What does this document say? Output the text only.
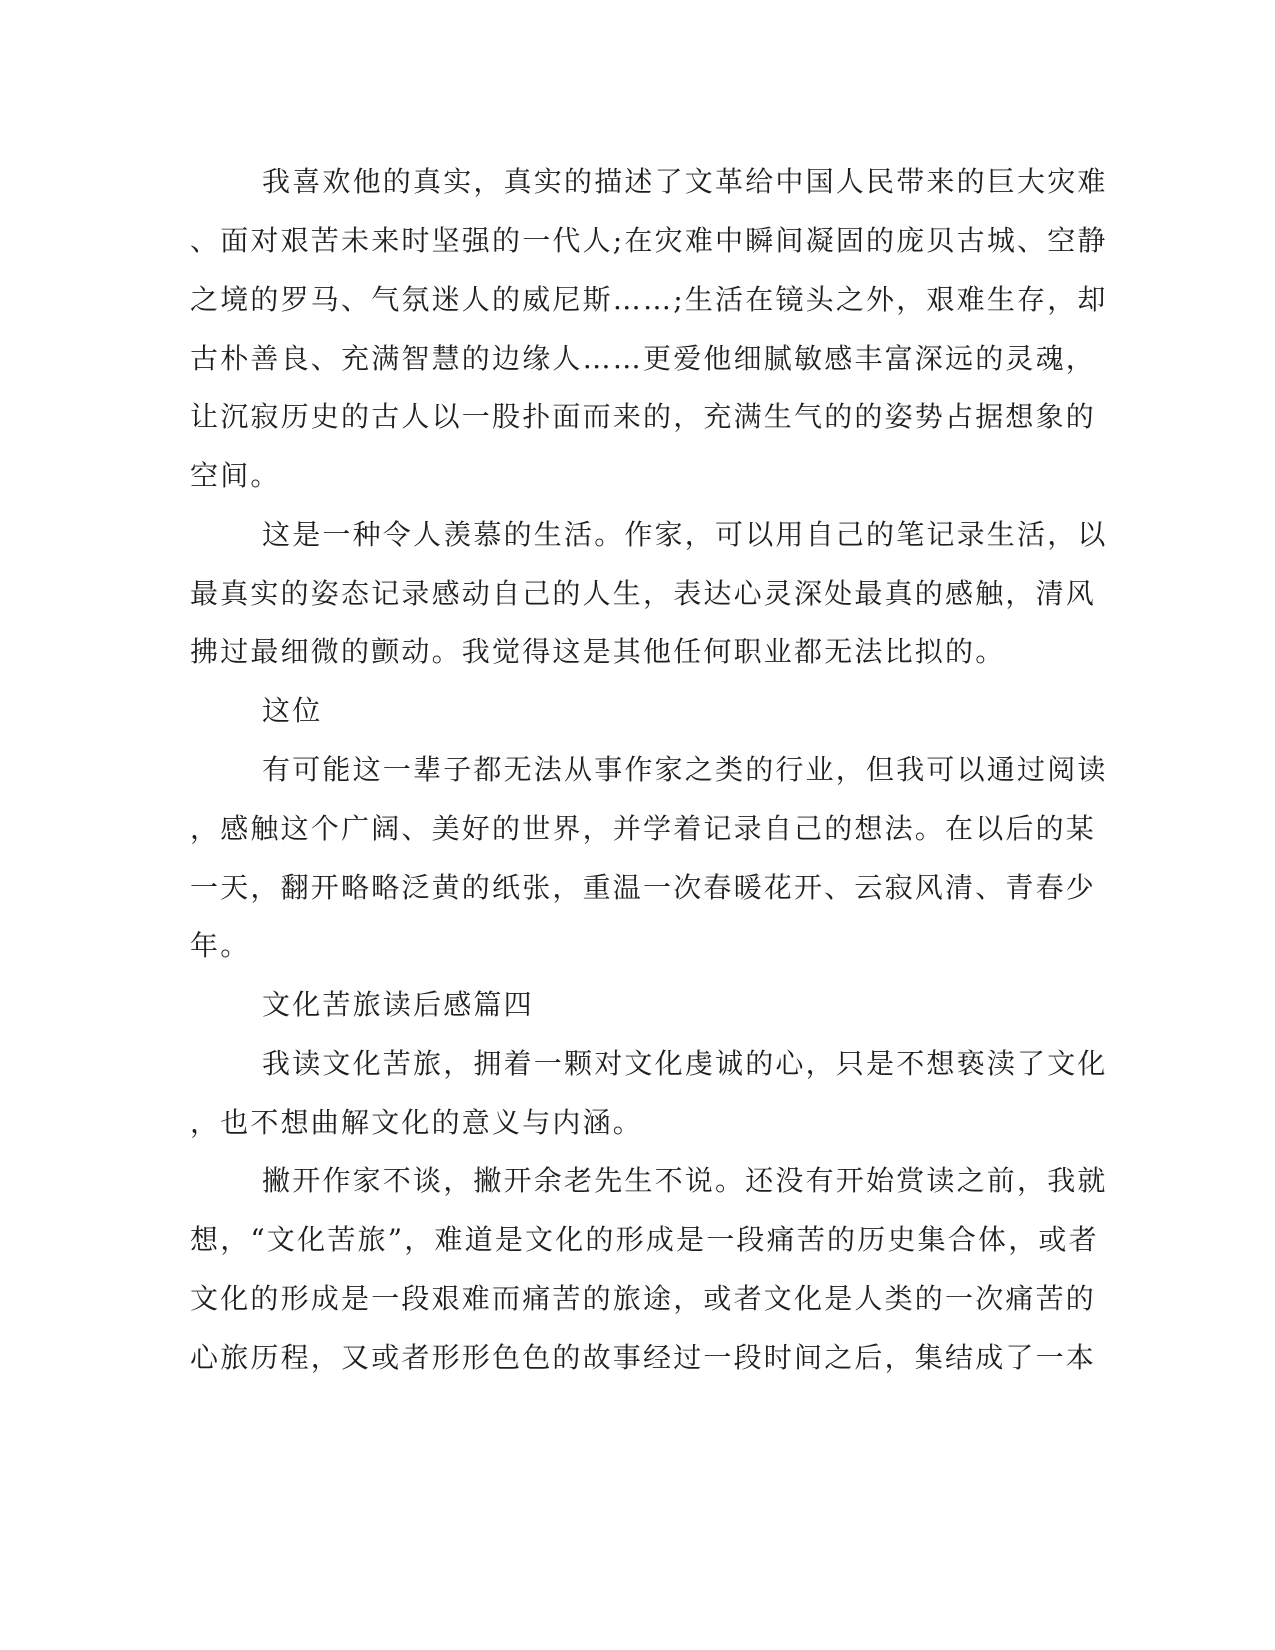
我喜欢他的真实，真实的描述了文革给中国人民带来的巨大灾难
、面对艰苦未来时坚强的一代人;在灾难中瞬间凝固的庞贝古城、空静
之境的罗马、气氛迷人的威尼斯……;生活在镜头之外，艰难生存，却
古朴善良、充满智慧的边缘人……更爱他细腻敏感丰富深远的灵魂，
让沉寂历史的古人以一股扑面而来的，充满生气的的姿势占据想象的
空间。
这是一种令人羡慕的生活。作家，可以用自己的笔记录生活，以
最真实的姿态记录感动自己的人生，表达心灵深处最真的感触，清风
拂过最细微的颤动。我觉得这是其他任何职业都无法比拟的。
这位
有可能这一辈子都无法从事作家之类的行业，但我可以通过阅读
，感触这个广阔、美好的世界，并学着记录自己的想法。在以后的某
一天，翻开略略泛黄的纸张，重温一次春暖花开、云寂风清、青春少
年。
文化苦旅读后感篇四
我读文化苦旅，拥着一颗对文化虔诚的心，只是不想亵渎了文化
，也不想曲解文化的意义与内涵。
撇开作家不谈，撇开余老先生不说。还没有开始赏读之前，我就
想，“文化苦旅”，难道是文化的形成是一段痛苦的历史集合体，或者
文化的形成是一段艰难而痛苦的旅途，或者文化是人类的一次痛苦的
心旅历程，又或者形形色色的故事经过一段时间之后，集结成了一本
